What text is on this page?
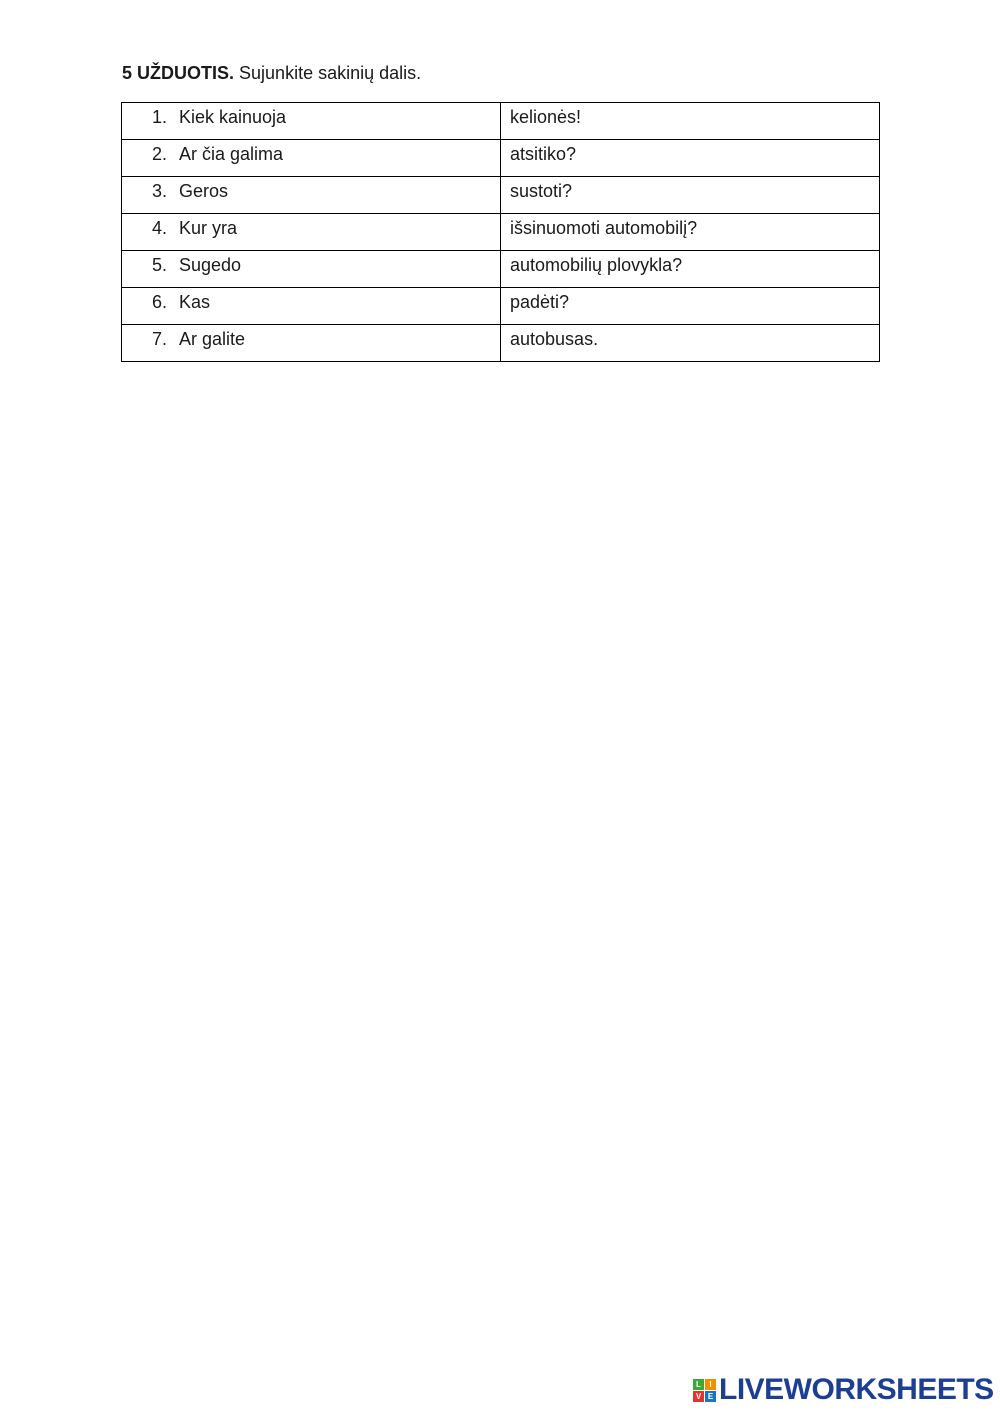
5 UŽDUOTIS. Sujunkite sakinių dalis.
1. Kiek kainuoja	kelionės!

2. Ar čia galima	atsitiko?

3. Geros	sustoti?

4. Kur yra	išsinuomoti automobilį?

5. Sugedo	automobilių plovykla?

6. Kas	padėti?

7. Ar galite	autobusas.
L	I
V E LIVEWORKSHEETS
